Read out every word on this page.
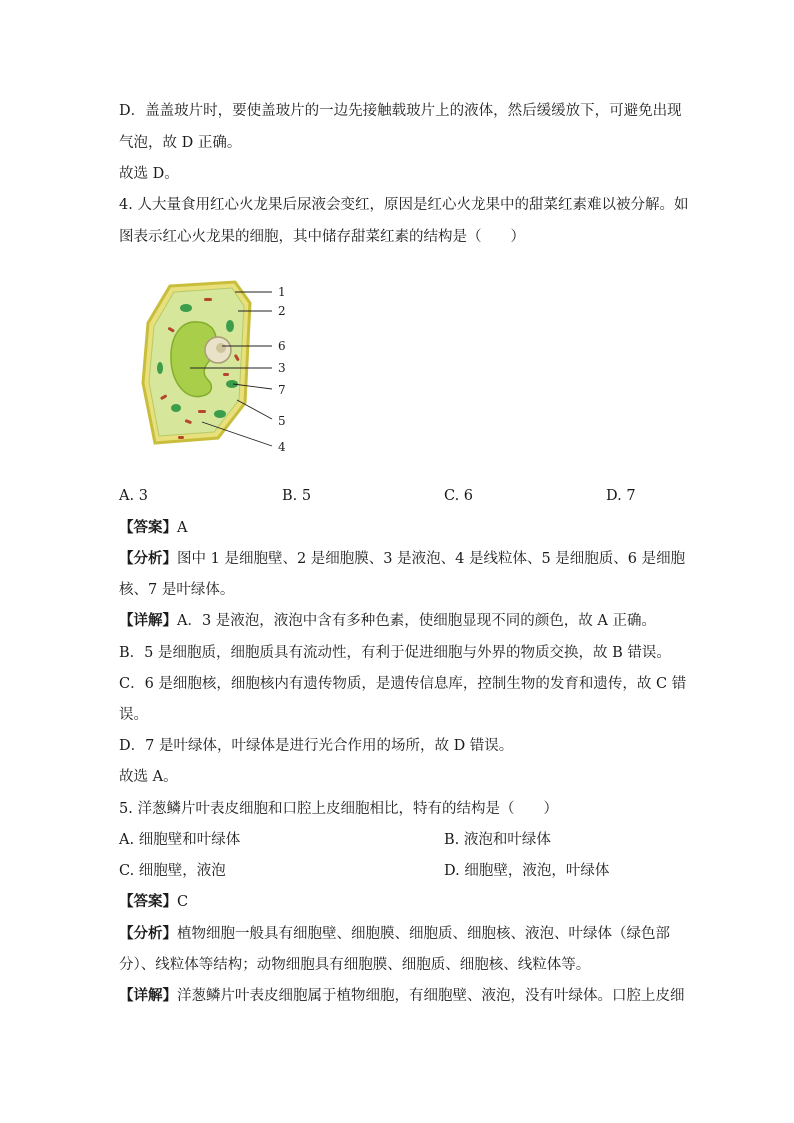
D．盖盖玻片时，要使盖玻片的一边先接触载玻片上的液体，然后缓缓放下，可避免出现
气泡，故 D 正确。
故选 D。
4. 人大量食用红心火龙果后尿液会变红，原因是红心火龙果中的甜菜红素难以被分解。如
图表示红心火龙果的细胞，其中储存甜菜红素的结构是（　　）
1
2
6
3
7
5
4
A. 3	B. 5	C. 6	D. 7
【答案】A
【分析】图中 1 是细胞壁、2 是细胞膜、3 是液泡、4 是线粒体、5 是细胞质、6 是细胞
核、7 是叶绿体。
【详解】A．3 是液泡，液泡中含有多种色素，使细胞显现不同的颜色，故 A 正确。
B．5 是细胞质，细胞质具有流动性，有利于促进细胞与外界的物质交换，故 B 错误。
C．6 是细胞核，细胞核内有遗传物质，是遗传信息库，控制生物的发育和遗传，故 C 错
误。
D．7 是叶绿体，叶绿体是进行光合作用的场所，故 D 错误。
故选 A。
5. 洋葱鳞片叶表皮细胞和口腔上皮细胞相比，特有的结构是（　　）
A. 细胞壁和叶绿体	B. 液泡和叶绿体
C. 细胞壁，液泡	D. 细胞壁，液泡，叶绿体
【答案】C
【分析】植物细胞一般具有细胞壁、细胞膜、细胞质、细胞核、液泡、叶绿体（绿色部
分）、线粒体等结构；动物细胞具有细胞膜、细胞质、细胞核、线粒体等。
【详解】洋葱鳞片叶表皮细胞属于植物细胞，有细胞壁、液泡，没有叶绿体。口腔上皮细
